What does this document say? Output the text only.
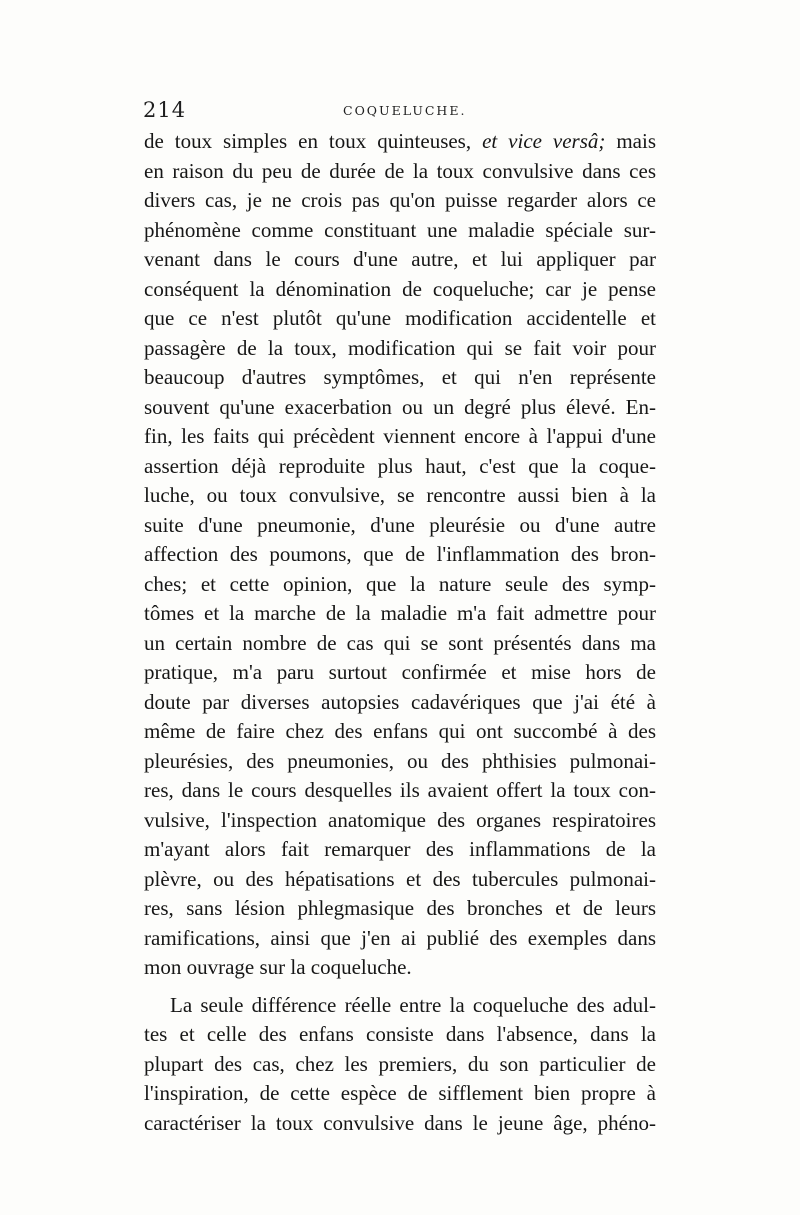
214	COQUELUCHE.
de toux simples en toux quinteuses, et vice versâ; mais
en raison du peu de durée de la toux convulsive dans ces
divers cas, je ne crois pas qu'on puisse regarder alors ce
phénomène comme constituant une maladie spéciale sur-
venant dans le cours d'une autre, et lui appliquer par
conséquent la dénomination de coqueluche; car je pense
que ce n'est plutôt qu'une modification accidentelle et
passagère de la toux, modification qui se fait voir pour
beaucoup d'autres symptômes, et qui n'en représente
souvent qu'une exacerbation ou un degré plus élevé. En-
fin, les faits qui précèdent viennent encore à l'appui d'une
assertion déjà reproduite plus haut, c'est que la coque-
luche, ou toux convulsive, se rencontre aussi bien à la
suite d'une pneumonie, d'une pleurésie ou d'une autre
affection des poumons, que de l'inflammation des bron-
ches; et cette opinion, que la nature seule des symp-
tômes et la marche de la maladie m'a fait admettre pour
un certain nombre de cas qui se sont présentés dans ma
pratique, m'a paru surtout confirmée et mise hors de
doute par diverses autopsies cadavériques que j'ai été à
même de faire chez des enfans qui ont succombé à des
pleurésies, des pneumonies, ou des phthisies pulmonai-
res, dans le cours desquelles ils avaient offert la toux con-
vulsive, l'inspection anatomique des organes respiratoires
m'ayant alors fait remarquer des inflammations de la
plèvre, ou des hépatisations et des tubercules pulmonai-
res, sans lésion phlegmasique des bronches et de leurs
ramifications, ainsi que j'en ai publié des exemples dans
mon ouvrage sur la coqueluche.
La seule différence réelle entre la coqueluche des adul-
tes et celle des enfans consiste dans l'absence, dans la
plupart des cas, chez les premiers, du son particulier de
l'inspiration, de cette espèce de sifflement bien propre à
caractériser la toux convulsive dans le jeune âge, phéno-
